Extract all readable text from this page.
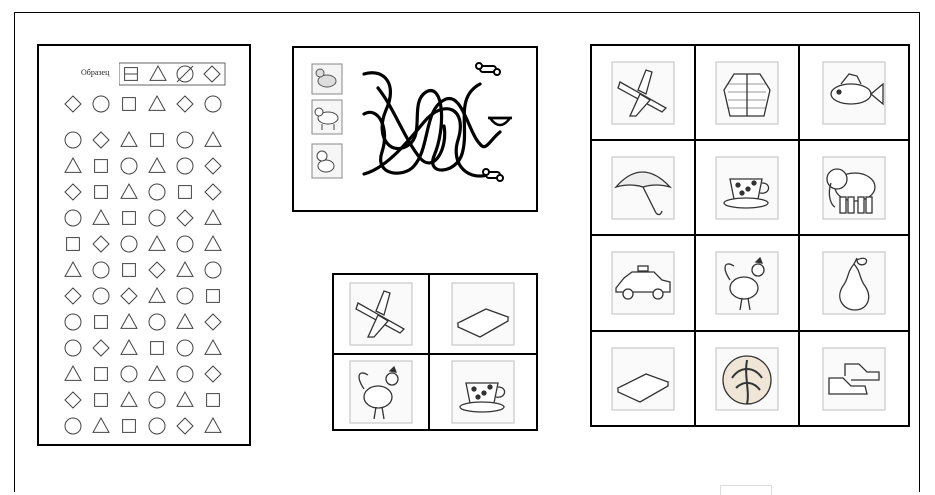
Образец
